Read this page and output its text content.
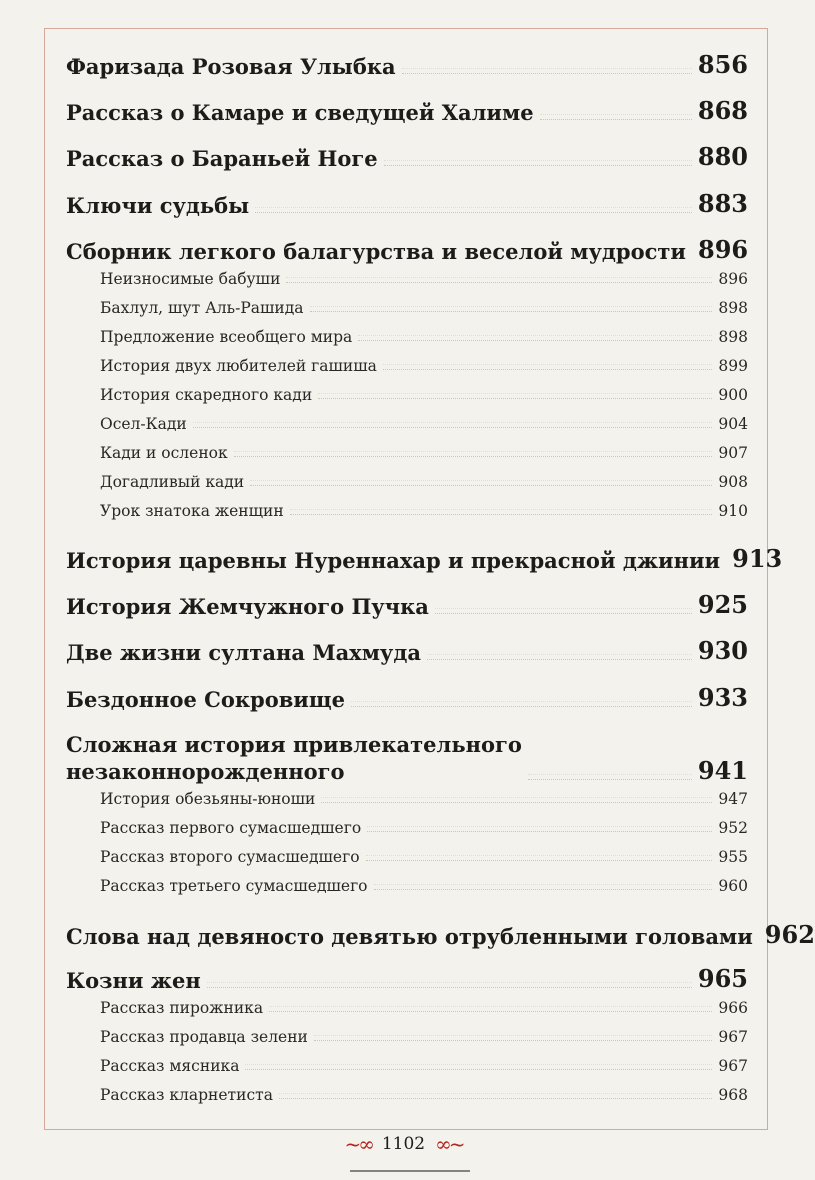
Фаризада Розовая Улыбка	856
Рассказ о Камаре и сведущей Халиме	868
Рассказ о Бараньей Ноге	880
Ключи судьбы	883
Сборник легкого балагурства и веселой мудрости 896
Неизносимые бабуши	896
Бахлул, шут Аль-Рашида	898
Предложение всеобщего мира	898
История двух любителей гашиша	899
История скаредного кади	900
Осел-Кади	904
Кади и осленок	907
Догадливый кади	908
Урок знатока женщин	910
История царевны Нуреннахар и прекрасной джинии 913
История Жемчужного Пучка	925
Две жизни султана Махмуда	930
Бездонное Сокровище	933
Сложная история привлекательного
незаконнорожденного	941
История обезьяны-юноши	947
Рассказ первого сумасшедшего	952
Рассказ второго сумасшедшего	955
Рассказ третьего сумасшедшего	960
Слова над девяносто девятью отрубленными головами 962
Козни жен	965
Рассказ пирожника	966
Рассказ продавца зелени	967
Рассказ мясника	967
Рассказ кларнетиста	968
~∞ 1102 ∞~
